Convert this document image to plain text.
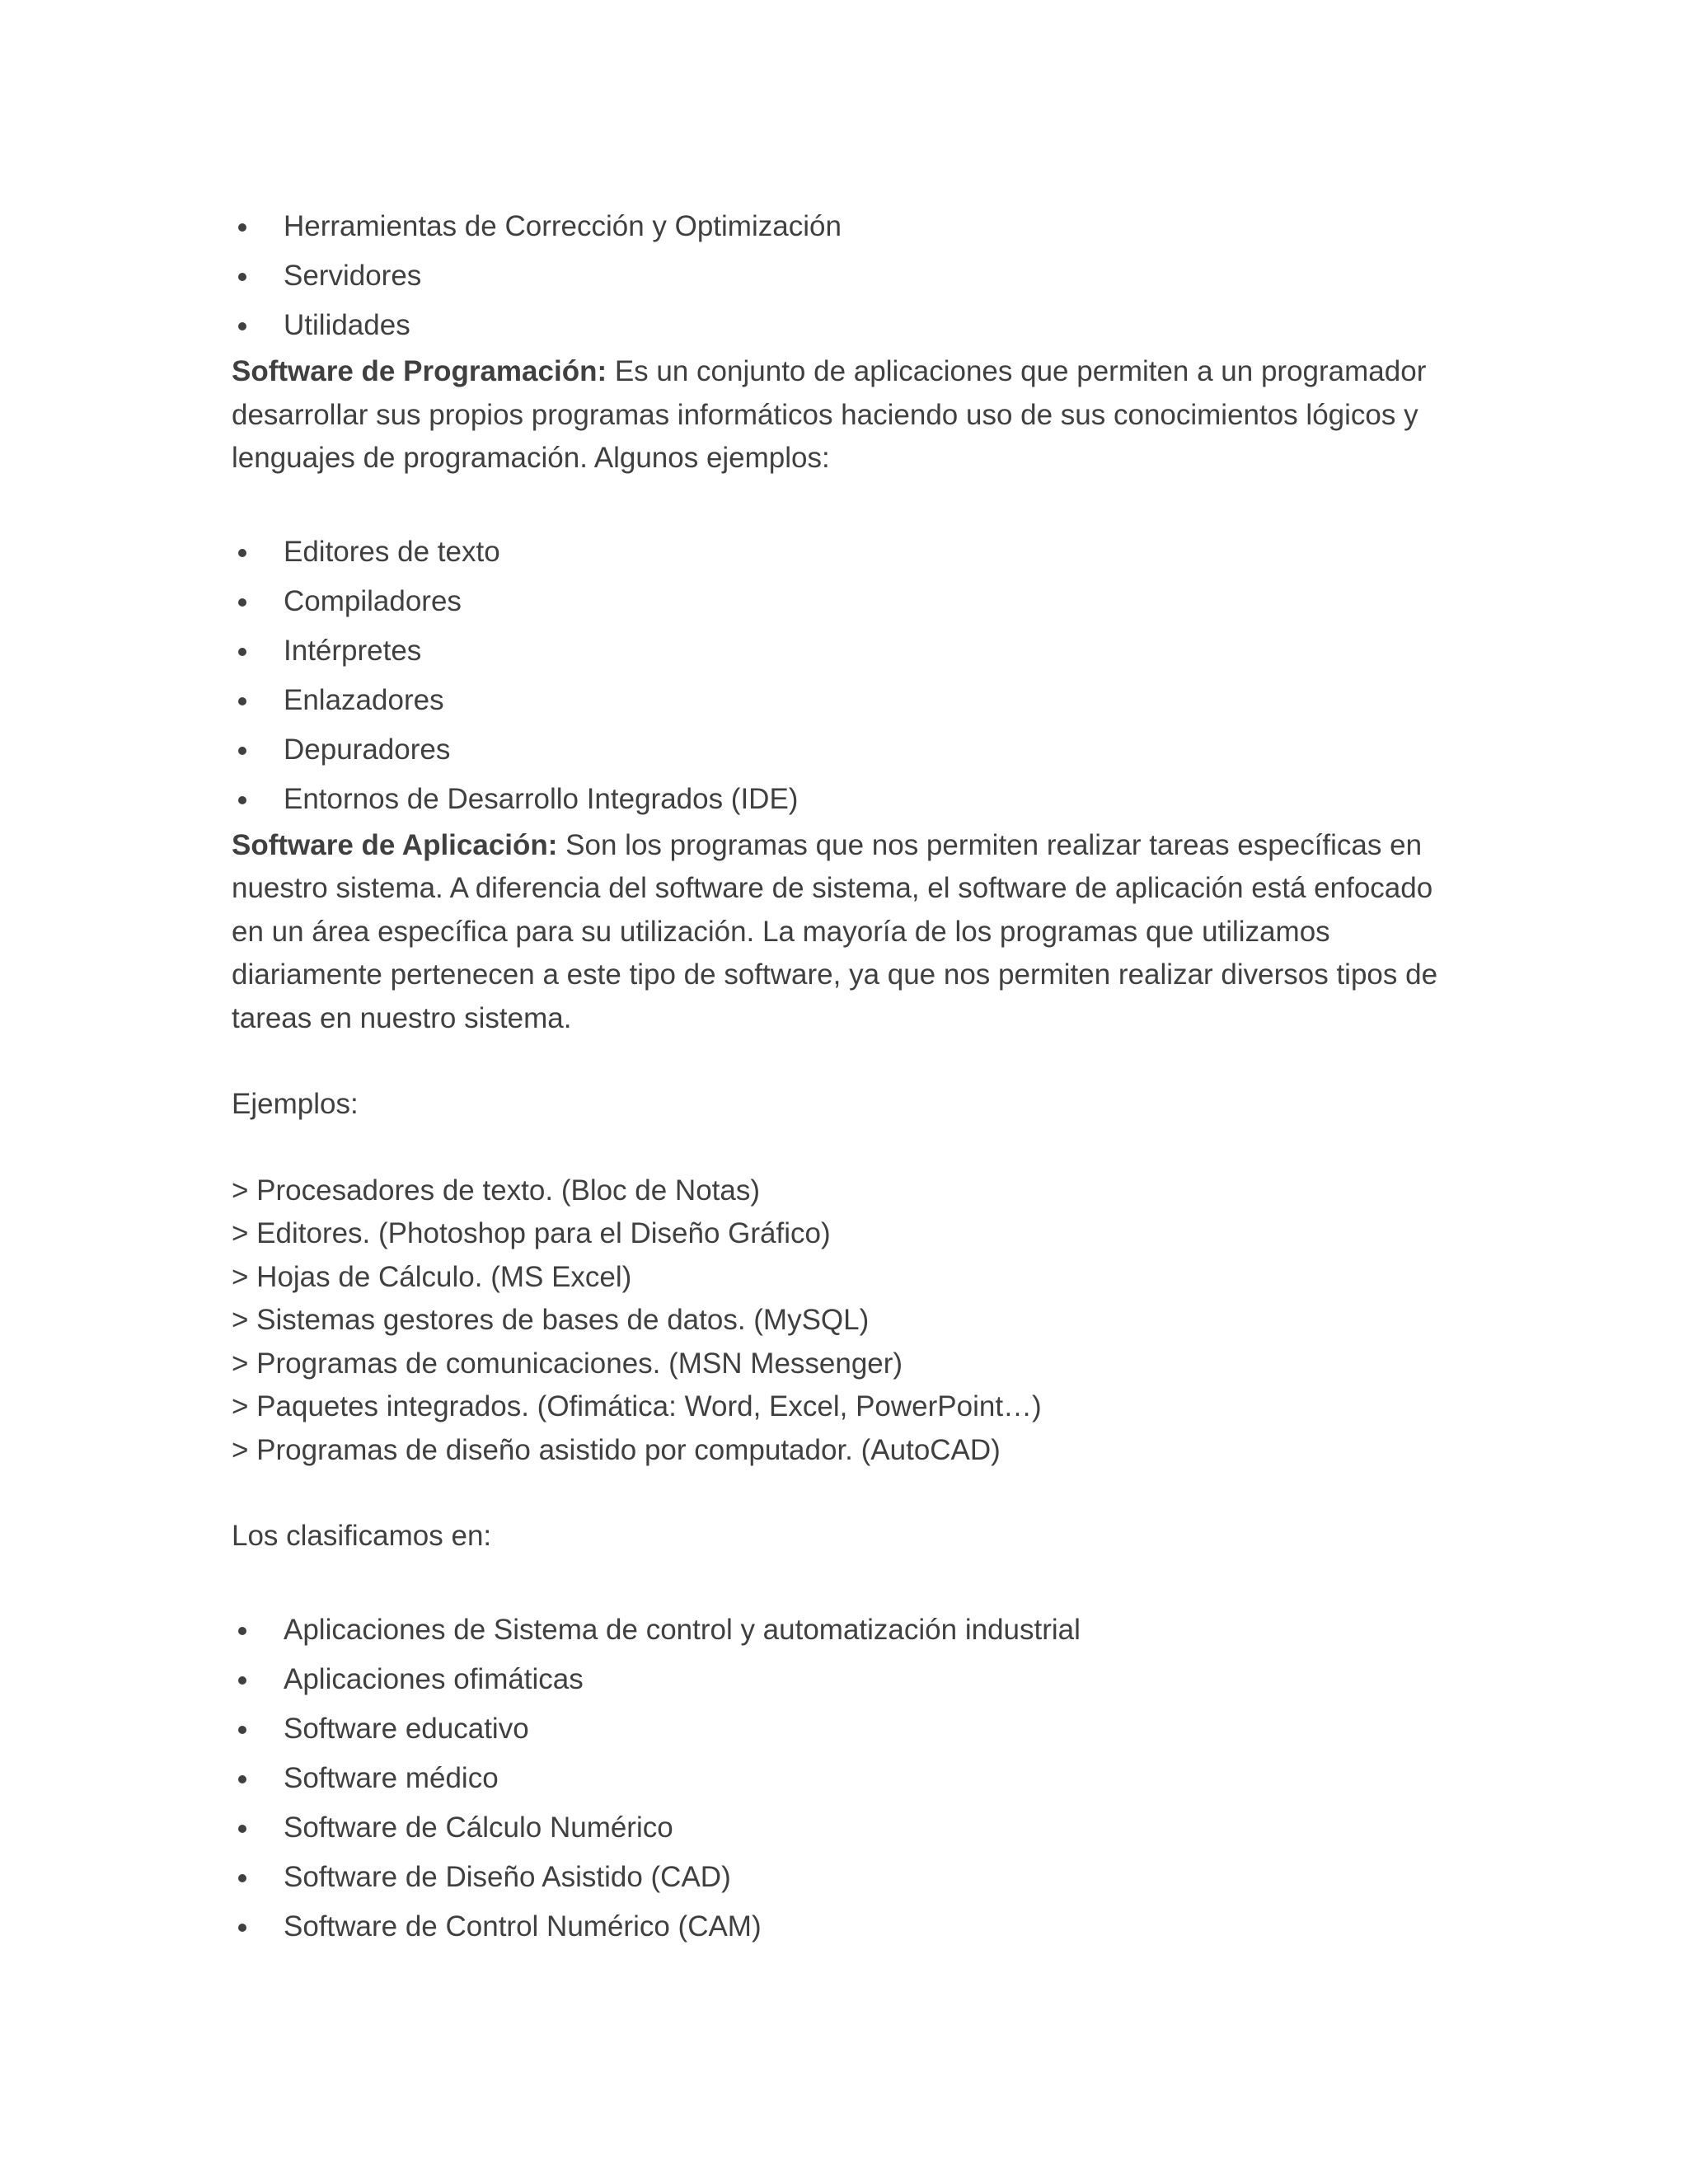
Herramientas de Corrección y Optimización
Servidores
Utilidades

Software de Programación: Es un conjunto de aplicaciones que permiten a un programador desarrollar sus propios programas informáticos haciendo uso de sus conocimientos lógicos y lenguajes de programación. Algunos ejemplos:

Editores de texto
Compiladores
Intérpretes
Enlazadores
Depuradores
Entornos de Desarrollo Integrados (IDE)

Software de Aplicación: Son los programas que nos permiten realizar tareas específicas en nuestro sistema. A diferencia del software de sistema, el software de aplicación está enfocado en un área específica para su utilización. La mayoría de los programas que utilizamos diariamente pertenecen a este tipo de software, ya que nos permiten realizar diversos tipos de tareas en nuestro sistema.

Ejemplos:
> Procesadores de texto. (Bloc de Notas)
> Editores. (Photoshop para el Diseño Gráfico)
> Hojas de Cálculo. (MS Excel)
> Sistemas gestores de bases de datos. (MySQL)
> Programas de comunicaciones. (MSN Messenger)
> Paquetes integrados. (Ofimática: Word, Excel, PowerPoint…)
> Programas de diseño asistido por computador. (AutoCAD)
Los clasificamos en:
Aplicaciones de Sistema de control y automatización industrial
Aplicaciones ofimáticas
Software educativo
Software médico
Software de Cálculo Numérico
Software de Diseño Asistido (CAD)
Software de Control Numérico (CAM)
